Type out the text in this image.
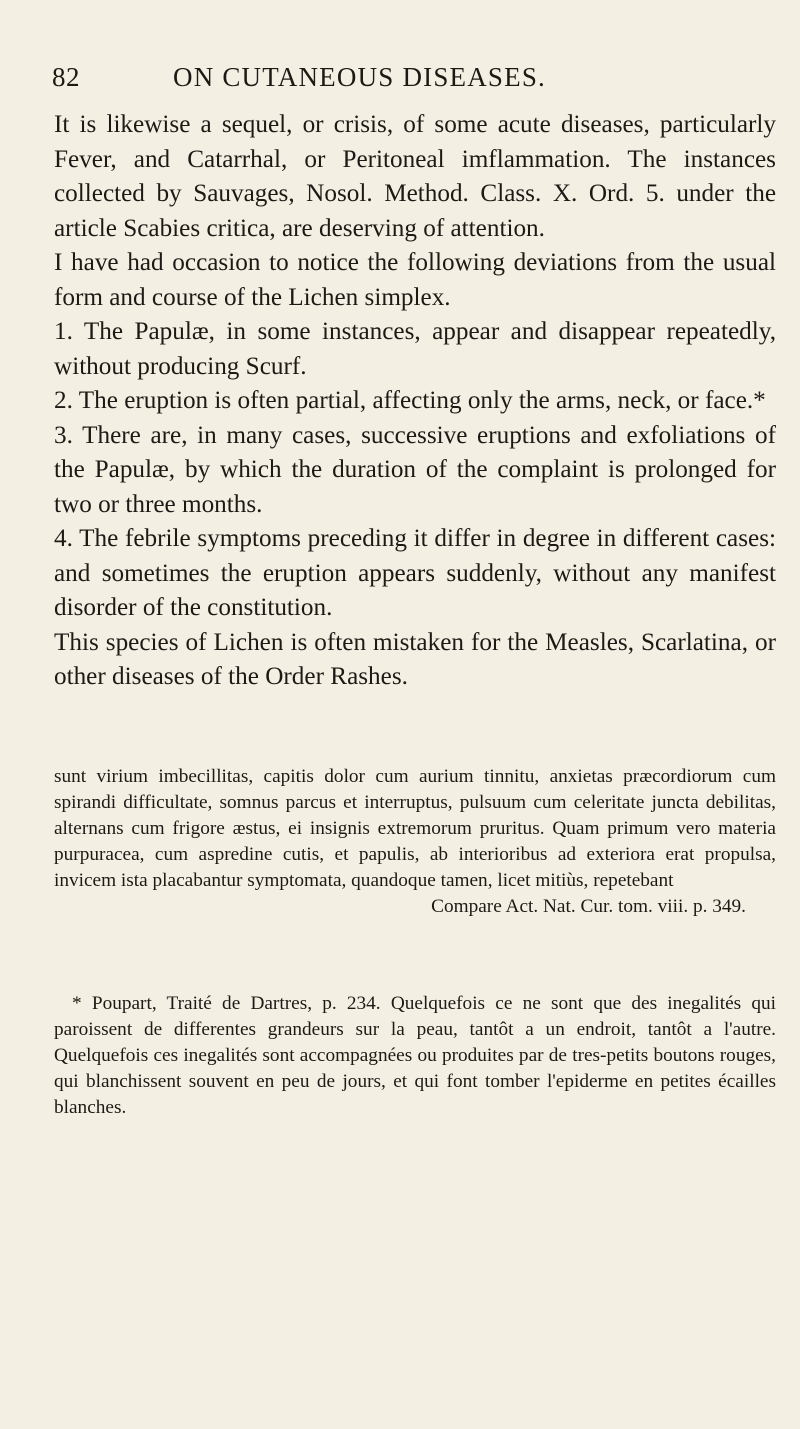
82	ON CUTANEOUS DISEASES.

It is likewise a sequel, or crisis, of some acute diseases, particularly Fever, and Catarrhal, or Peritoneal imflammation. The instances collected by Sauvages, Nosol. Method. Class. X. Ord. 5. under the article Scabies critica, are deserving of attention.

I have had occasion to notice the following deviations from the usual form and course of the Lichen simplex.

1. The Papulæ, in some instances, appear and disappear repeatedly, without producing Scurf.

2. The eruption is often partial, affecting only the arms, neck, or face.*

3. There are, in many cases, successive eruptions and exfoliations of the Papulæ, by which the duration of the complaint is prolonged for two or three months.

4. The febrile symptoms preceding it differ in degree in different cases: and sometimes the eruption appears suddenly, without any manifest disorder of the constitution.

This species of Lichen is often mistaken for the Measles, Scarlatina, or other diseases of the Order Rashes.

sunt virium imbecillitas, capitis dolor cum aurium tinnitu, anxietas præcordiorum cum spirandi difficultate, somnus parcus et interruptus, pulsuum cum celeritate juncta debilitas, alternans cum frigore æstus, ei insignis extremorum pruritus. Quam primum vero materia purpuracea, cum aspredine cutis, et papulis, ab interioribus ad exteriora erat propulsa, invicem ista placabantur symptomata, quandoque tamen, licet mitiùs, repetebant

Compare Act. Nat. Cur. tom. viii. p. 349.

* Poupart, Traité de Dartres, p. 234. Quelquefois ce ne sont que des inegalités qui paroissent de differentes grandeurs sur la peau, tantôt a un endroit, tantôt a l'autre. Quelquefois ces inegalités sont accompagnées ou produites par de tres-petits boutons rouges, qui blanchissent souvent en peu de jours, et qui font tomber l'epiderme en petites écailles blanches.
